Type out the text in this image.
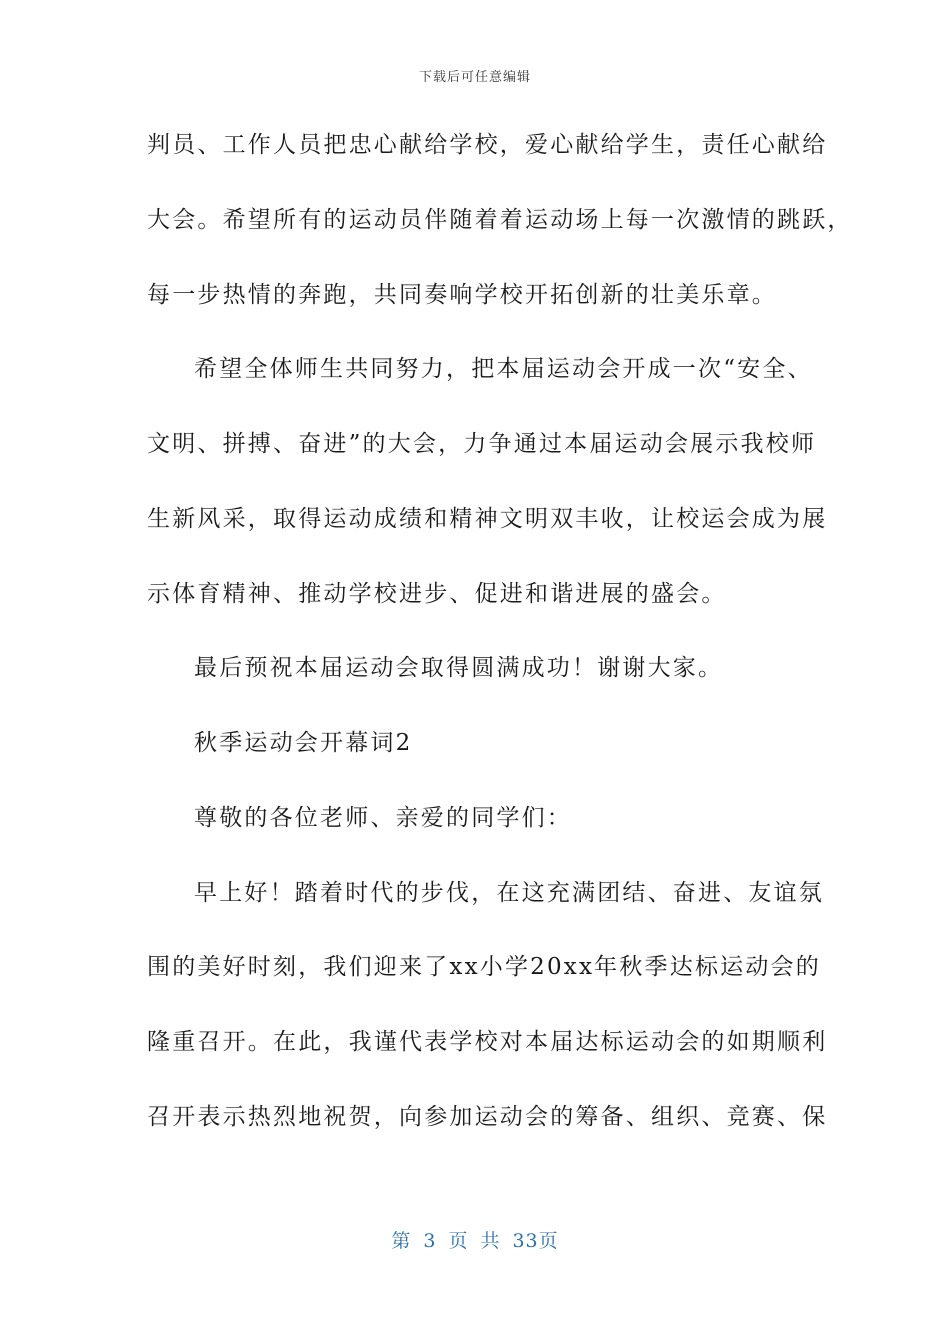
下载后可任意编辑
判员、工作人员把忠心献给学校，爱心献给学生，责任心献给
大会。希望所有的运动员伴随着着运动场上每一次激情的跳跃，
每一步热情的奔跑，共同奏响学校开拓创新的壮美乐章。
希望全体师生共同努力，把本届运动会开成一次“安全、
文明、拼搏、奋进”的大会，力争通过本届运动会展示我校师
生新风采，取得运动成绩和精神文明双丰收，让校运会成为展
示体育精神、推动学校进步、促进和谐进展的盛会。
最后预祝本届运动会取得圆满成功！谢谢大家。
秋季运动会开幕词2
尊敬的各位老师、亲爱的同学们：
早上好！踏着时代的步伐，在这充满团结、奋进、友谊氛
围的美好时刻，我们迎来了xx小学20xx年秋季达标运动会的
隆重召开。在此，我谨代表学校对本届达标运动会的如期顺利
召开表示热烈地祝贺，向参加运动会的筹备、组织、竞赛、保
第 3 页 共 33页
